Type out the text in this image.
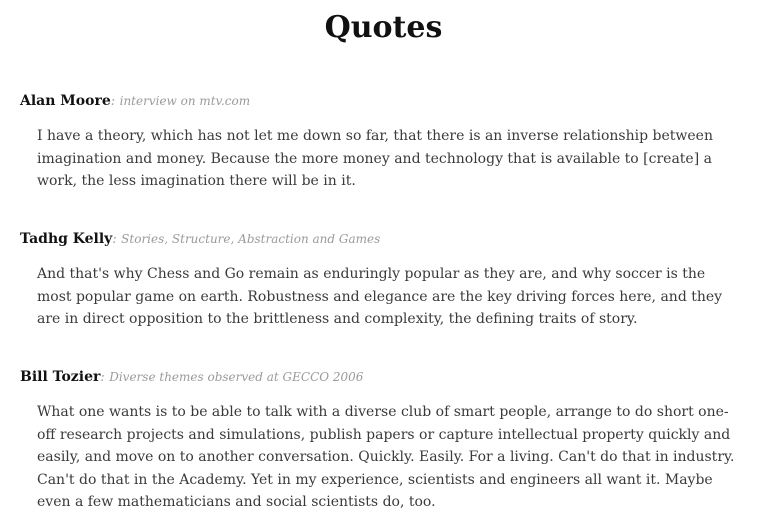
Quotes
Alan Moore: interview on mtv.com
I have a theory, which has not let me down so far, that there is an inverse relationship between imagination and money. Because the more money and technology that is available to [create] a work, the less imagination there will be in it.
Tadhg Kelly: Stories, Structure, Abstraction and Games
And that's why Chess and Go remain as enduringly popular as they are, and why soccer is the most popular game on earth. Robustness and elegance are the key driving forces here, and they are in direct opposition to the brittleness and complexity, the defining traits of story.
Bill Tozier: Diverse themes observed at GECCO 2006
What one wants is to be able to talk with a diverse club of smart people, arrange to do short one-off research projects and simulations, publish papers or capture intellectual property quickly and easily, and move on to another conversation. Quickly. Easily. For a living. Can't do that in industry. Can't do that in the Academy. Yet in my experience, scientists and engineers all want it. Maybe even a few mathematicians and social scientists do, too.
